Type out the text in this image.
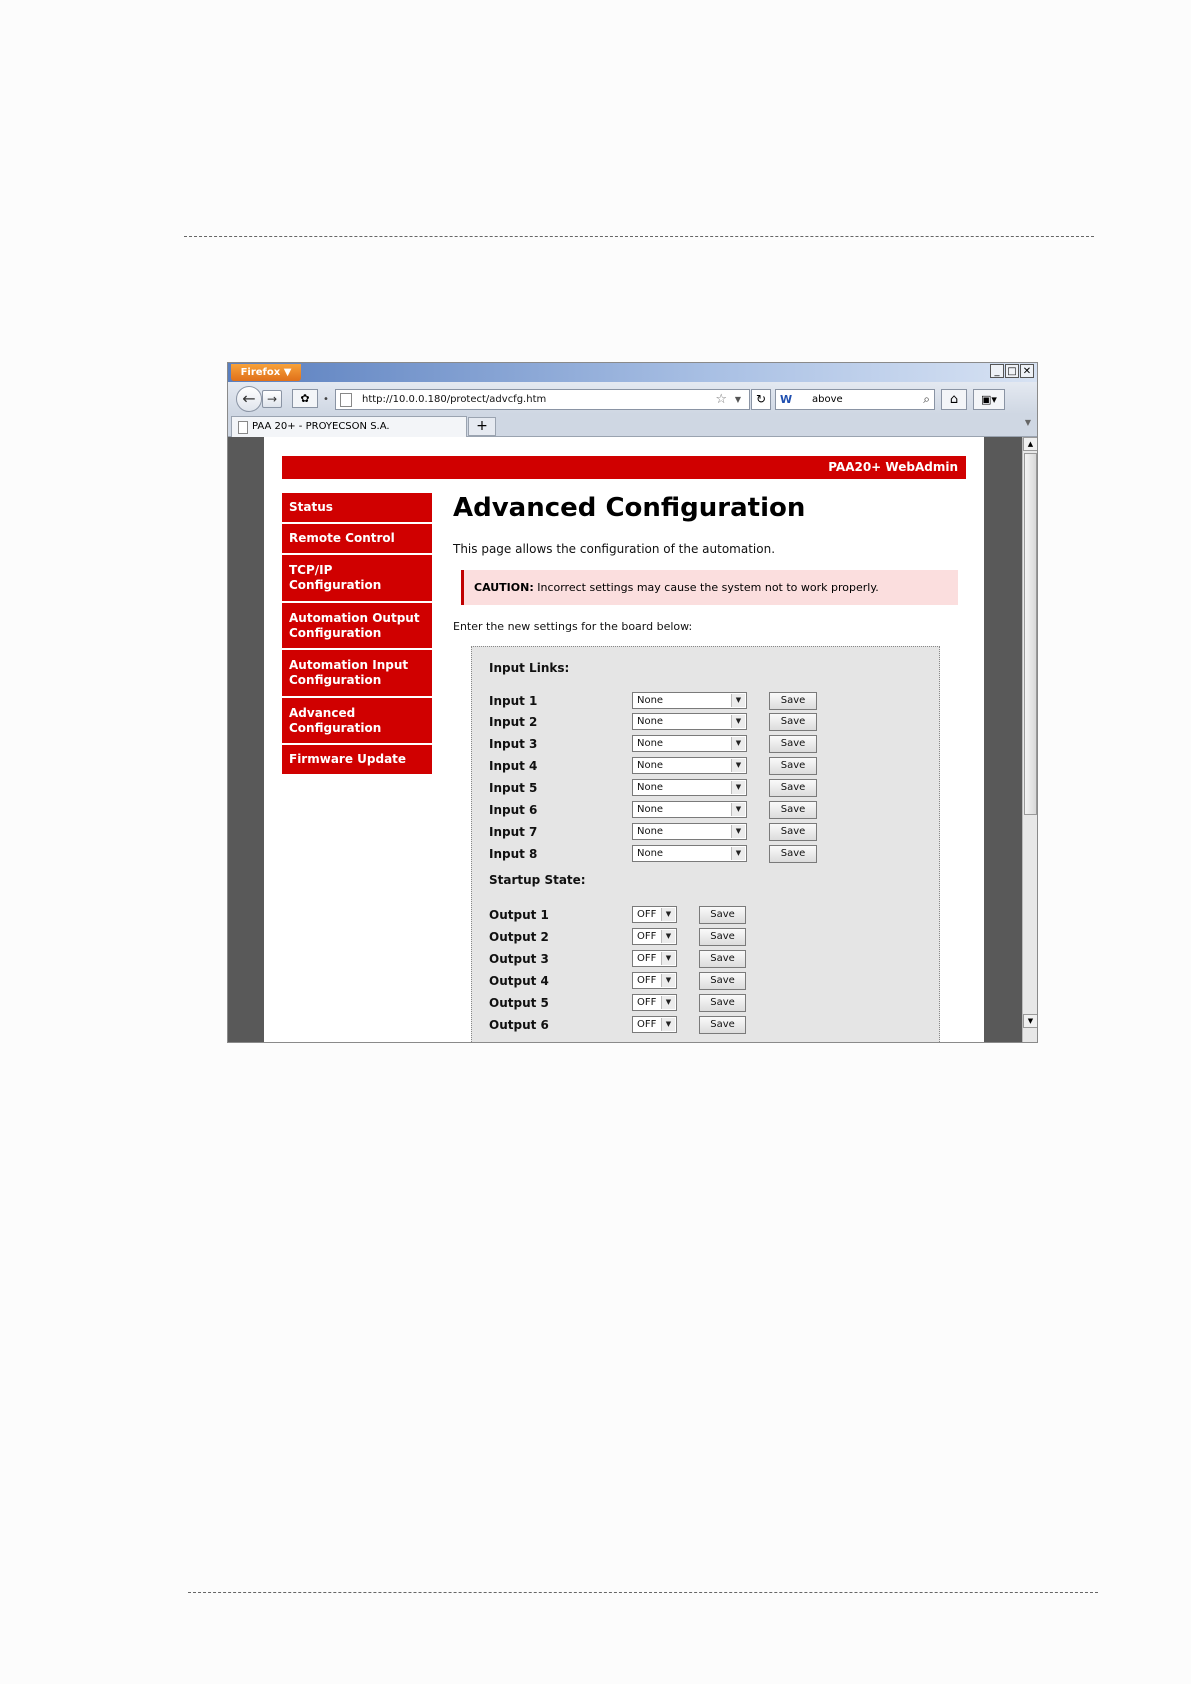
Firefox ▼	_ □ ✕
← →	✿	•	http://10.0.0.180/protect/advcfg.htm	☆ ▼	↻	W above	⌕	⌂	▣▾
PAA 20+ - PROYECSON S.A.	+	▼
PAA20+ WebAdmin
Status
Remote Control
TCP/IP
Configuration
Automation Output
Configuration
Automation Input
Configuration
Advanced
Configuration
Firmware Update
Advanced Configuration
This page allows the configuration of the automation.
CAUTION: Incorrect settings may cause the system not to work properly.
Enter the new settings for the board below:
Input Links:
Input 1	None	▼	Save
Input 2	None	▼	Save
Input 3	None	▼	Save
Input 4	None	▼	Save
Input 5	None	▼	Save
Input 6	None	▼	Save
Input 7	None	▼	Save
Input 8	None	▼	Save
Startup State:
Output 1	OFF	▼	Save
Output 2	OFF	▼	Save
Output 3	OFF	▼	Save
Output 4	OFF	▼	Save
Output 5	OFF	▼	Save
Output 6	OFF	▼	Save
▲
▼
